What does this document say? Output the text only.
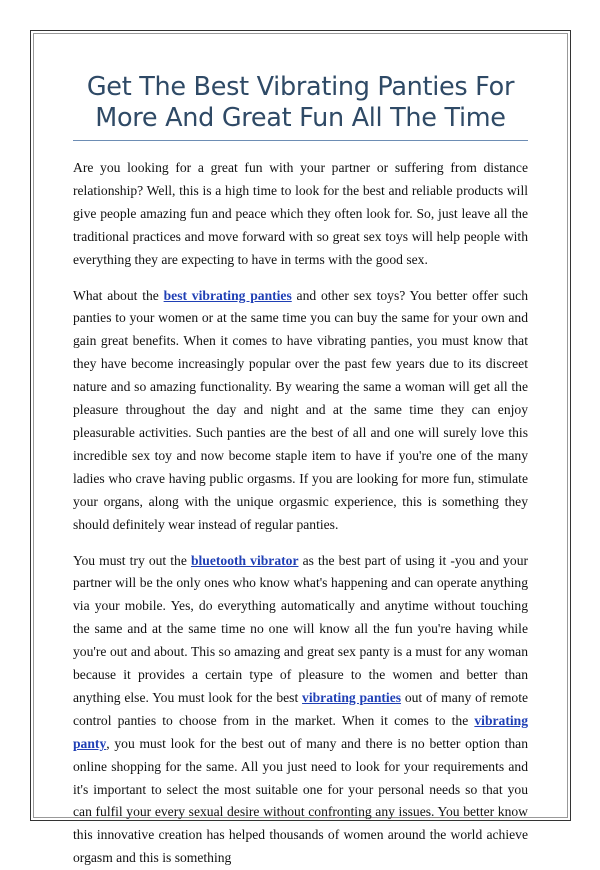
Get The Best Vibrating Panties For More And Great Fun All The Time

Are you looking for a great fun with your partner or suffering from distance relationship? Well, this is a high time to look for the best and reliable products will give people amazing fun and peace which they often look for. So, just leave all the traditional practices and move forward with so great sex toys will help people with everything they are expecting to have in terms with the good sex.

What about the best vibrating panties and other sex toys? You better offer such panties to your women or at the same time you can buy the same for your own and gain great benefits. When it comes to have vibrating panties, you must know that they have become increasingly popular over the past few years due to its discreet nature and so amazing functionality. By wearing the same a woman will get all the pleasure throughout the day and night and at the same time they can enjoy pleasurable activities. Such panties are the best of all and one will surely love this incredible sex toy and now become staple item to have if you're one of the many ladies who crave having public orgasms. If you are looking for more fun, stimulate your organs, along with the unique orgasmic experience, this is something they should definitely wear instead of regular panties.

You must try out the bluetooth vibrator as the best part of using it -you and your partner will be the only ones who know what's happening and can operate anything via your mobile. Yes, do everything automatically and anytime without touching the same and at the same time no one will know all the fun you're having while you're out and about. This so amazing and great sex panty is a must for any woman because it provides a certain type of pleasure to the women and better than anything else. You must look for the best vibrating panties out of many of remote control panties to choose from in the market. When it comes to the vibrating panty, you must look for the best out of many and there is no better option than online shopping for the same. All you just need to look for your requirements and it's important to select the most suitable one for your personal needs so that you can fulfil your every sexual desire without confronting any issues. You better know this innovative creation has helped thousands of women around the world achieve orgasm and this is something
